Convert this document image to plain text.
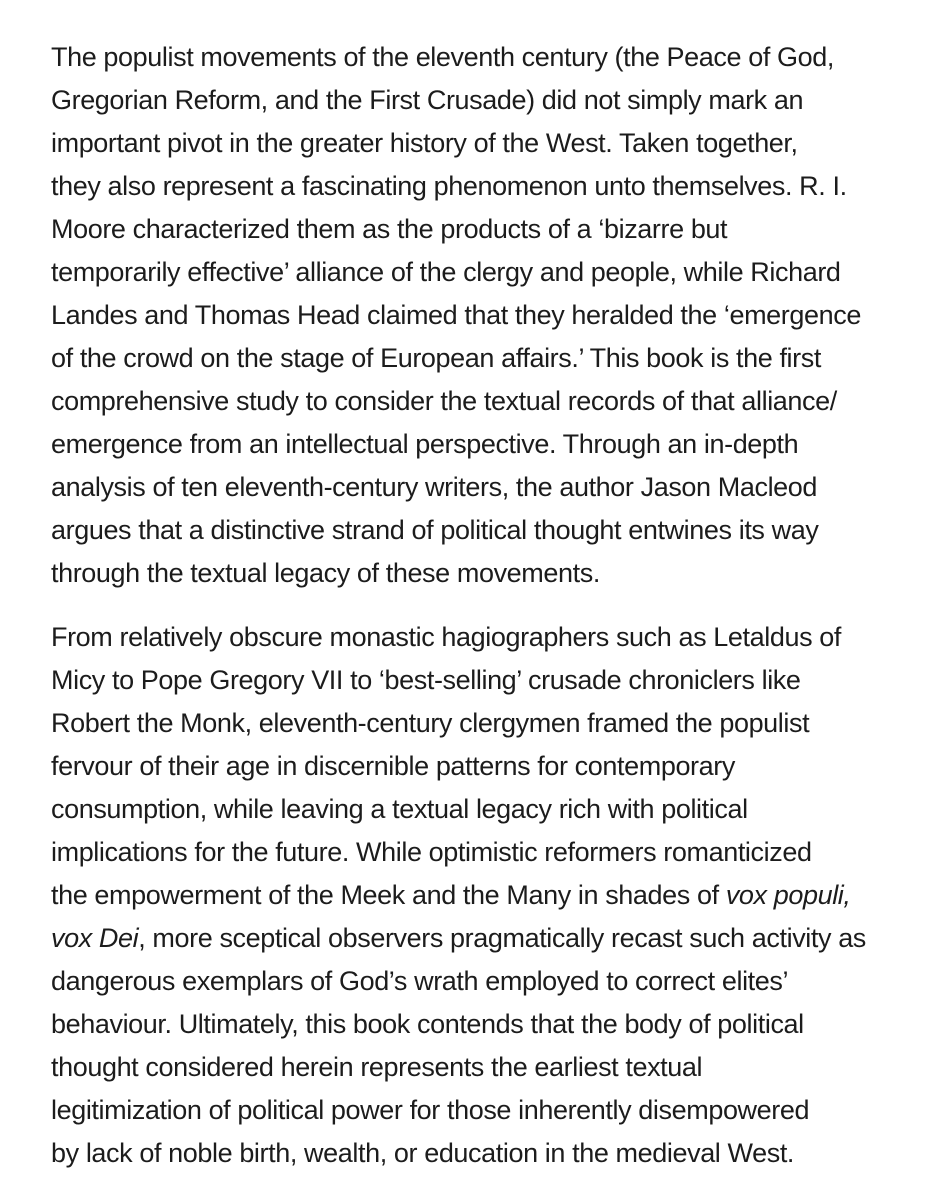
The populist movements of the eleventh century (the Peace of God,
Gregorian Reform, and the First Crusade) did not simply mark an
important pivot in the greater history of the West. Taken together,
they also represent a fascinating phenomenon unto themselves. R. I.
Moore characterized them as the products of a ‘bizarre but
temporarily effective’ alliance of the clergy and people, while Richard
Landes and Thomas Head claimed that they heralded the ‘emergence
of the crowd on the stage of European affairs.’ This book is the first
comprehensive study to consider the textual records of that alliance/
emergence from an intellectual perspective. Through an in-depth
analysis of ten eleventh-century writers, the author Jason Macleod
argues that a distinctive strand of political thought entwines its way
through the textual legacy of these movements.

From relatively obscure monastic hagiographers such as Letaldus of
Micy to Pope Gregory VII to ‘best-selling’ crusade chroniclers like
Robert the Monk, eleventh-century clergymen framed the populist
fervour of their age in discernible patterns for contemporary
consumption, while leaving a textual legacy rich with political
implications for the future. While optimistic reformers romanticized
the empowerment of the Meek and the Many in shades of vox populi,
vox Dei, more sceptical observers pragmatically recast such activity as
dangerous exemplars of God’s wrath employed to correct elites’
behaviour. Ultimately, this book contends that the body of political
thought considered herein represents the earliest textual
legitimization of political power for those inherently disempowered
by lack of noble birth, wealth, or education in the medieval West.
